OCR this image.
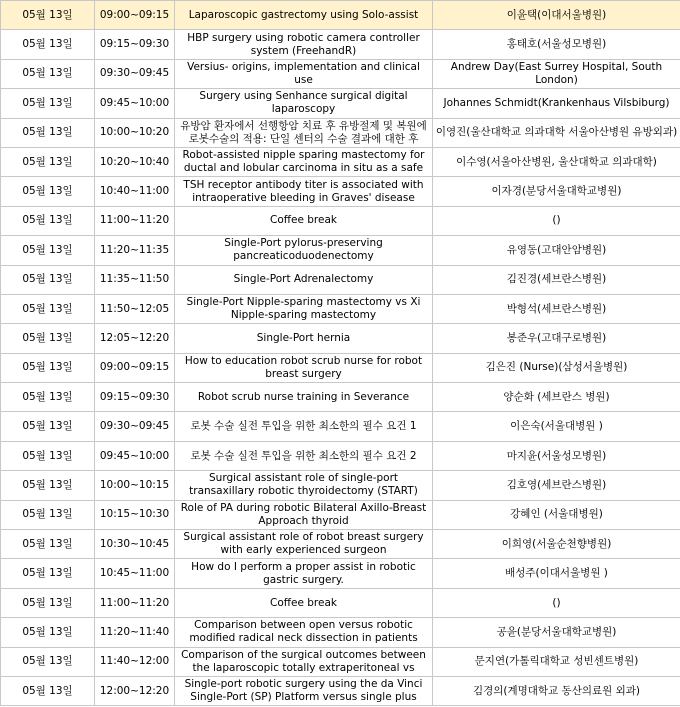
05월 13일	09:00~09:15	Laparoscopic gastrectomy using Solo-assist	이윤택(이대서울병원)

05월 13일	09:15~09:30	HBP surgery using robotic camera controller system (FreehandR)	홍태호(서울성모병원)

05월 13일	09:30~09:45	Versius- origins, implementation and clinical use	Andrew Day(East Surrey Hospital, South London)

05월 13일	09:45~10:00	Surgery using Senhance surgical digital laparoscopy	Johannes Schmidt(Krankenhaus Vilsbiburg)

05월 13일	10:00~10:20	유방암 환자에서 선행항암 치료 후 유방절제 및 복원에 로봇수술의 적용: 단일 센터의 수술 결과에 대한 후	이영진(울산대학교 의과대학 서울아산병원 유방외과)

05월 13일	10:20~10:40	Robot-assisted nipple sparing mastectomy for ductal and lobular carcinoma in situ as a safe	이수영(서울아산병원, 울산대학교 의과대학)

05월 13일	10:40~11:00	TSH receptor antibody titer is associated with intraoperative bleeding in Graves' disease	이자경(분당서울대학교병원)

05월 13일	11:00~11:20	Coffee break	()

05월 13일	11:20~11:35	Single-Port pylorus-preserving pancreaticoduodenectomy	유영동(고대안암병원)

05월 13일	11:35~11:50	Single-Port Adrenalectomy	김진경(세브란스병원)

05월 13일	11:50~12:05	Single-Port Nipple-sparing mastectomy vs Xi Nipple-sparing mastectomy	박형석(세브란스병원)

05월 13일	12:05~12:20	Single-Port hernia	봉준우(고대구로병원)

05월 13일	09:00~09:15	How to education robot scrub nurse for robot breast surgery	김은진 (Nurse)(삼성서울병원)

05월 13일	09:15~09:30	Robot scrub nurse training in Severance	양순화 (세브란스 병원)

05월 13일	09:30~09:45	로봇 수술 실전 투입을 위한 최소한의 필수 요건 1	이은숙(서울대병원 )

05월 13일	09:45~10:00	로봇 수술 실전 투입을 위한 최소한의 필수 요건 2	마지윤(서울성모병원)

05월 13일	10:00~10:15	Surgical assistant role of single-port transaxillary robotic thyroidectomy (START)	김호영(세브란스병원)

05월 13일	10:15~10:30	Role of PA during robotic Bilateral Axillo-Breast Approach thyroid	강혜인 (서울대병원)

05월 13일	10:30~10:45	Surgical assistant role of robot breast surgery with early experienced surgeon	이희영(서울순천향병원)

05월 13일	10:45~11:00	How do I perform a proper assist in robotic gastric surgery.	배성주(이대서울병원 )

05월 13일	11:00~11:20	Coffee break	()

05월 13일	11:20~11:40	Comparison between open versus robotic modified radical neck dissection in patients	공윤(분당서울대학교병원)

05월 13일	11:40~12:00	Comparison of the surgical outcomes between the laparoscopic totally extraperitoneal vs	문지연(가톨릭대학교 성빈센트병원)

05월 13일	12:00~12:20	Single-port robotic surgery using the da Vinci Single-Port (SP) Platform versus single plus	김경의(계명대학교 동산의료원 외과)
